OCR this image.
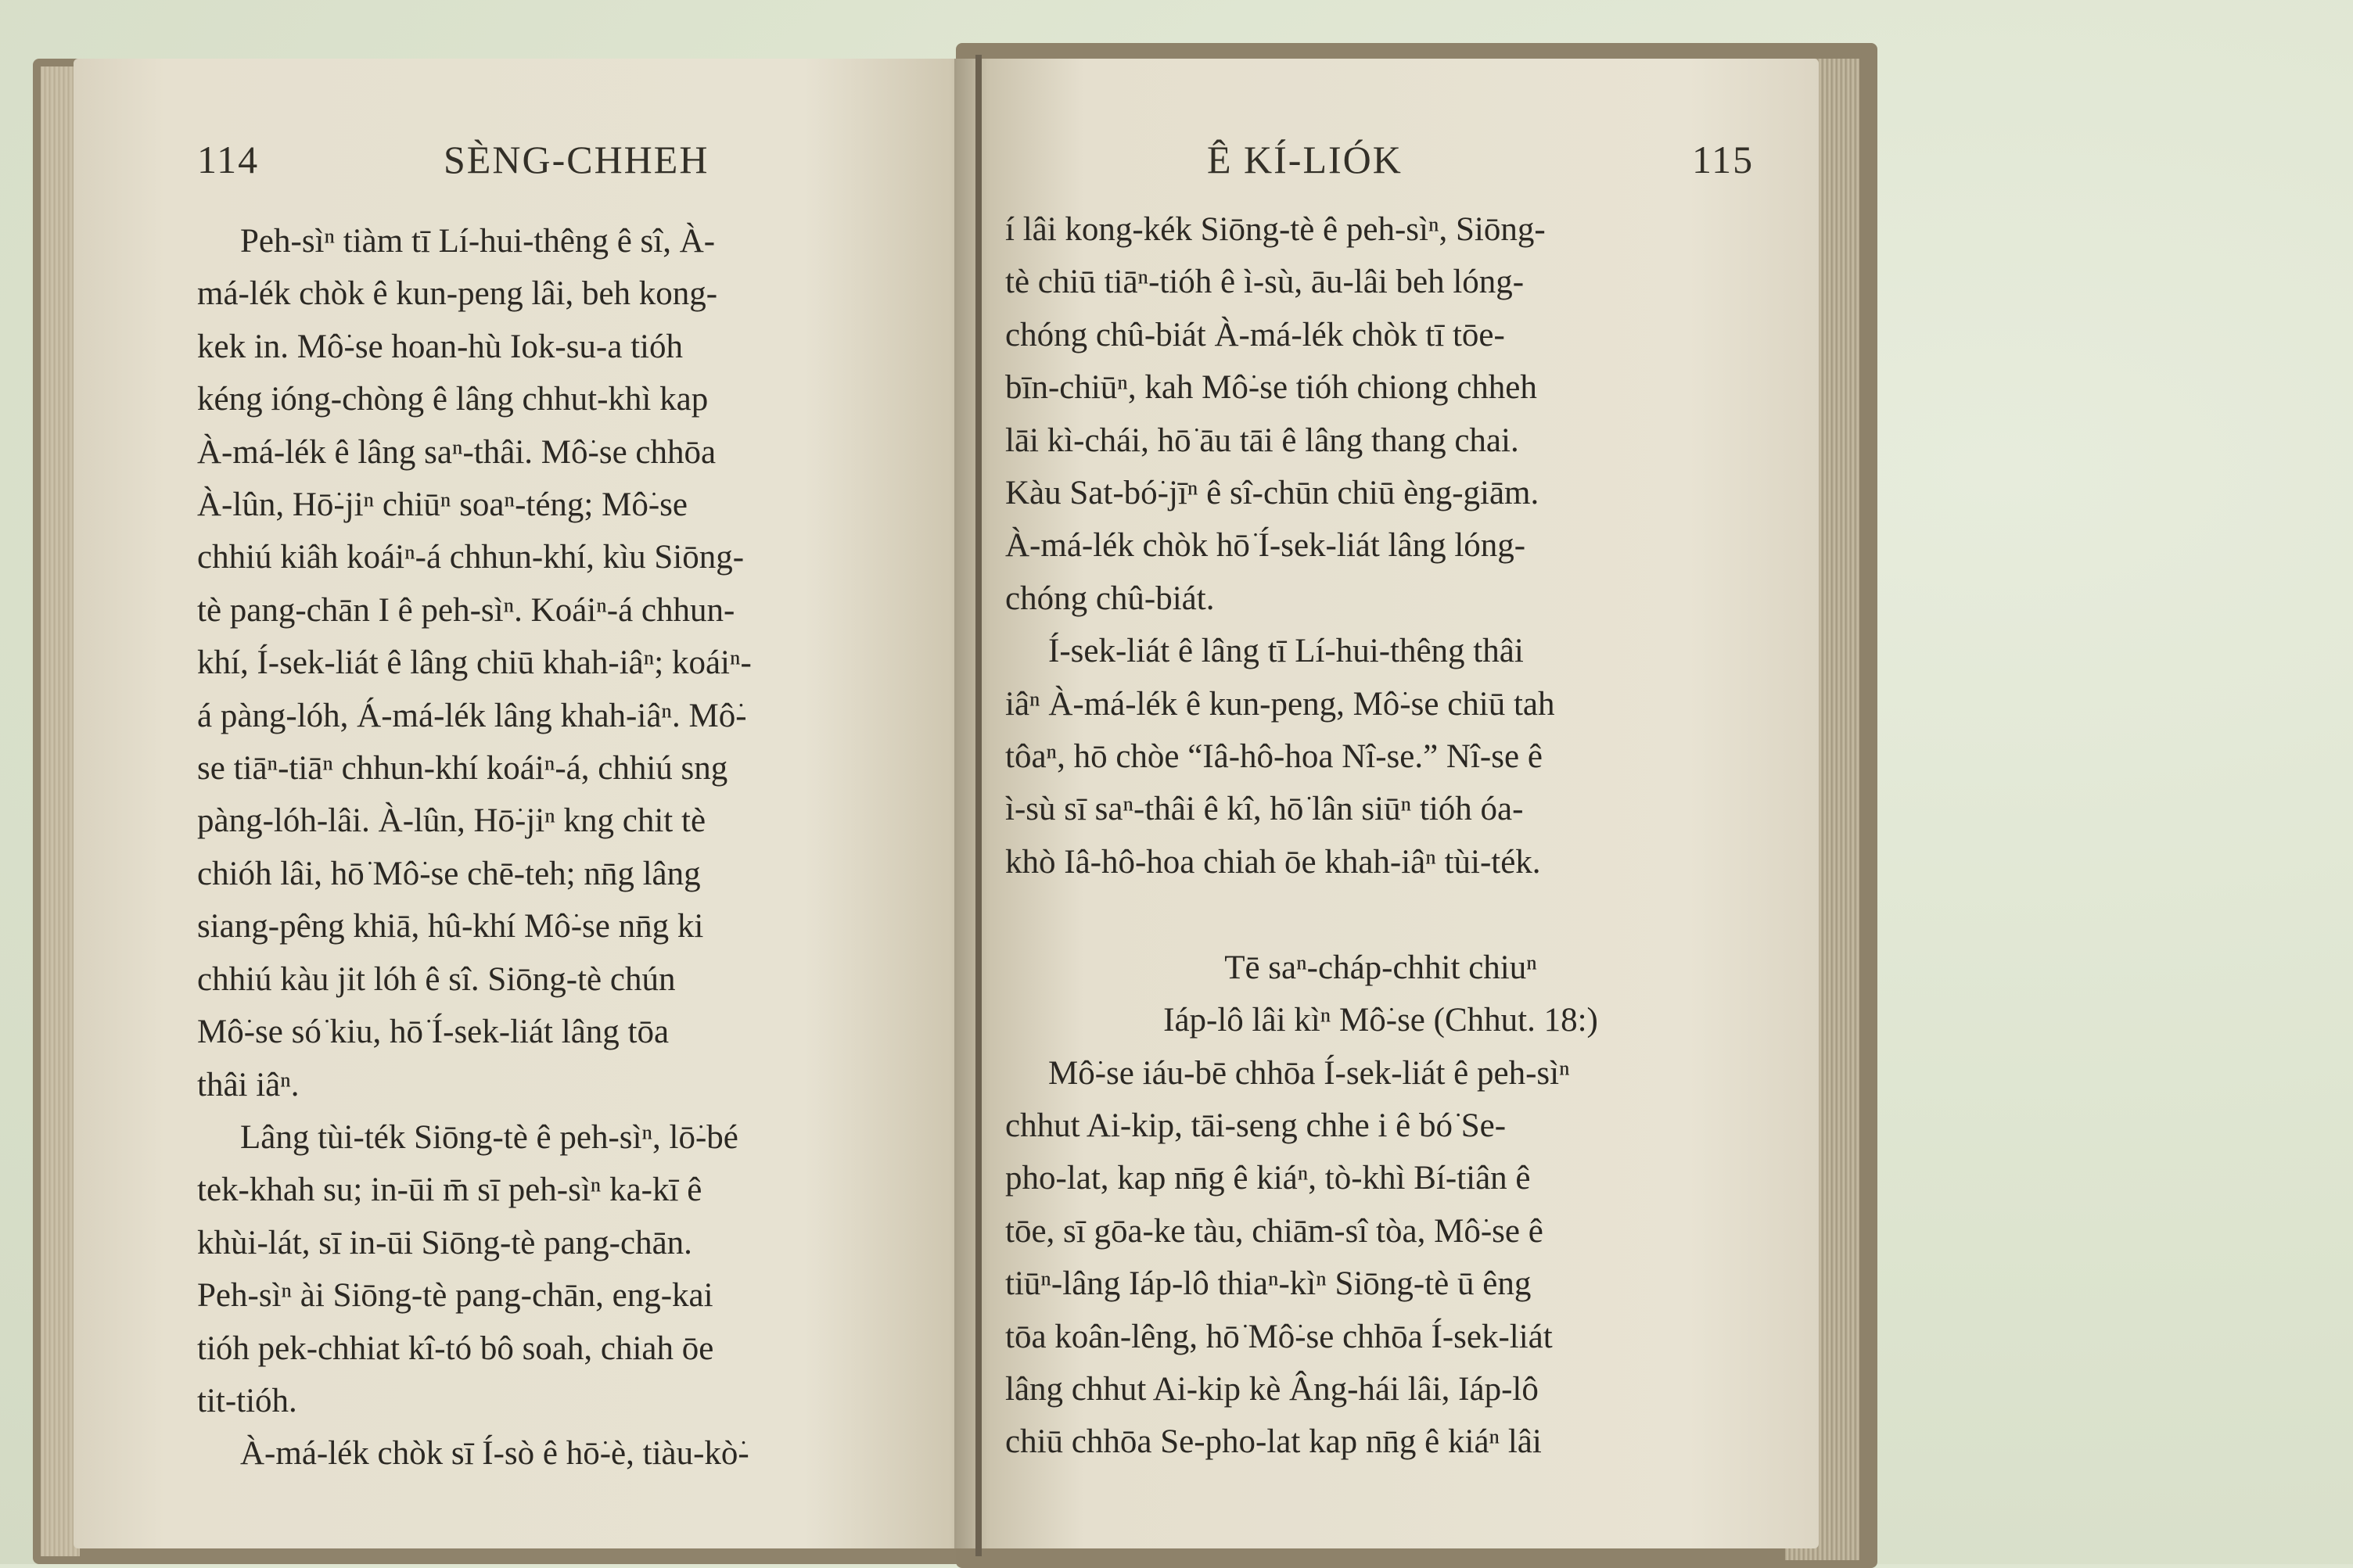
114	SÈNG-CHHEH
Peh-sìⁿ tiàm tī Lí-hui-thêng ê sî, À-
má-lék chòk ê kun-peng lâi, beh kong-
kek in. Mô͘-se hoan-hù Iok-su-a tióh
kéng ióng-chòng ê lâng chhut-khì kap
À-má-lék ê lâng saⁿ-thâi. Mô͘-se chhōa
À-lûn, Hō͘-jiⁿ chiūⁿ soaⁿ-téng; Mô͘-se
chhiú kiâh koáiⁿ-á chhun-khí, kìu Siōng-
tè pang-chān I ê peh-sìⁿ. Koáiⁿ-á chhun-
khí, Í-sek-liát ê lâng chiū khah-iâⁿ; koáiⁿ-
á pàng-lóh, Á-má-lék lâng khah-iâⁿ. Mô͘-
se tiāⁿ-tiāⁿ chhun-khí koáiⁿ-á, chhiú sng
pàng-lóh-lâi. À-lûn, Hō͘-jiⁿ kng chit tè
chióh lâi, hō͘ Mô͘-se chē-teh; nn̄g lâng
siang-pêng khiā, hû-khí Mô͘-se nn̄g ki
chhiú kàu jit lóh ê sî. Siōng-tè chún
Mô͘-se só͘ kiu, hō͘ Í-sek-liát lâng tōa
thâi iâⁿ.
Lâng tùi-ték Siōng-tè ê peh-sìⁿ, lō͘-bé
tek-khah su; in-ūi m̄ sī peh-sìⁿ ka-kī ê
khùi-lát, sī in-ūi Siōng-tè pang-chān.
Peh-sìⁿ ài Siōng-tè pang-chān, eng-kai
tióh pek-chhiat kî-tó bô soah, chiah ōe
tit-tióh.
À-má-lék chòk sī Í-sò ê hō͘-è, tiàu-kò͘-
Ê KÍ-LIÓK	115
í lâi kong-kék Siōng-tè ê peh-sìⁿ, Siōng-
tè chiū tiāⁿ-tióh ê ì-sù, āu-lâi beh lóng-
chóng chû-biát À-má-lék chòk tī tōe-
bīn-chiūⁿ, kah Mô͘-se tióh chiong chheh
lāi kì-chái, hō͘ āu tāi ê lâng thang chai.
Kàu Sat-bó͘-jīⁿ ê sî-chūn chiū èng-giām.
À-má-lék chòk hō͘ Í-sek-liát lâng lóng-
chóng chû-biát.
Í-sek-liát ê lâng tī Lí-hui-thêng thâi
iâⁿ À-má-lék ê kun-peng, Mô͘-se chiū tah
tôaⁿ, hō chòe “Iâ-hô-hoa Nî-se.” Nî-se ê
ì-sù sī saⁿ-thâi ê kî, hō͘ lân siūⁿ tióh óa-
khò Iâ-hô-hoa chiah ōe khah-iâⁿ tùi-ték.

Tē saⁿ-cháp-chhit chiuⁿ
Iáp-lô lâi kìⁿ Mô͘-se (Chhut. 18:)
Mô͘-se iáu-bē chhōa Í-sek-liát ê peh-sìⁿ
chhut Ai-kip, tāi-seng chhe i ê bó͘ Se-
pho-lat, kap nn̄g ê kiáⁿ, tò-khì Bí-tiân ê
tōe, sī gōa-ke tàu, chiām-sî tòa, Mô͘-se ê
tiūⁿ-lâng Iáp-lô thiaⁿ-kìⁿ Siōng-tè ū êng
tōa koân-lêng, hō͘ Mô͘-se chhōa Í-sek-liát
lâng chhut Ai-kip kè Âng-hái lâi, Iáp-lô
chiū chhōa Se-pho-lat kap nn̄g ê kiáⁿ lâi
